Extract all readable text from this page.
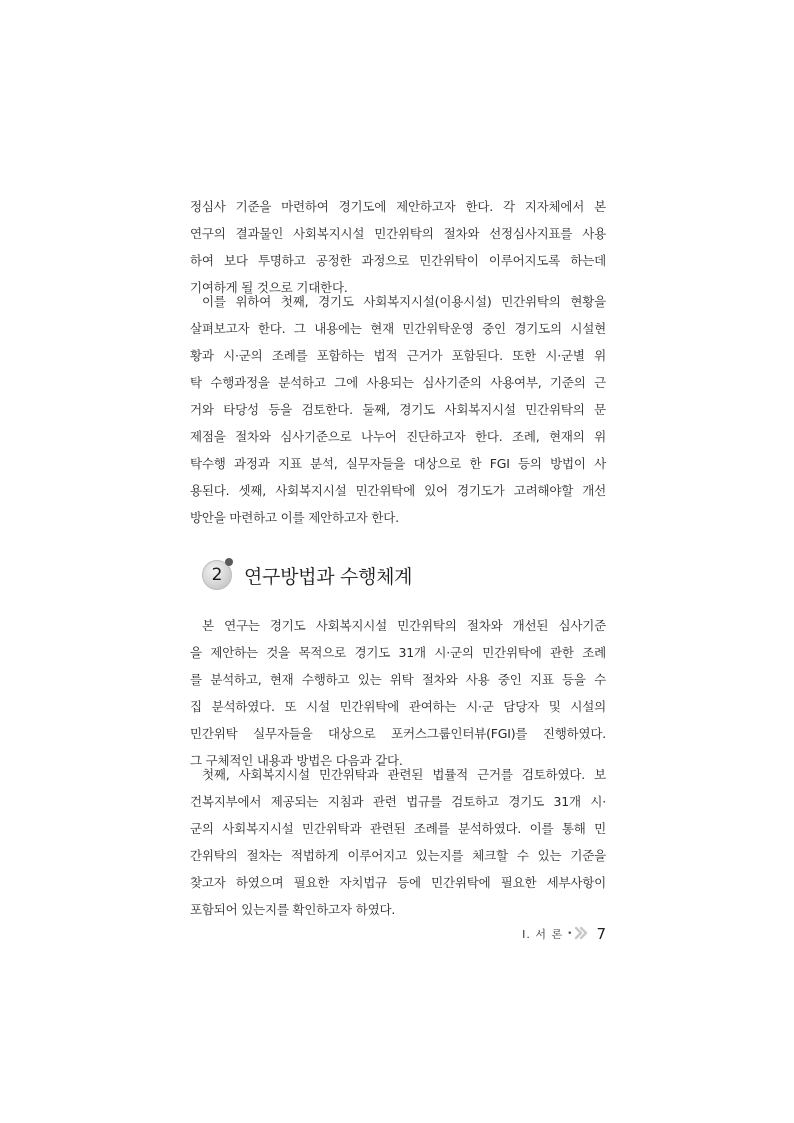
정심사 기준을 마련하여 경기도에 제안하고자 한다. 각 지자체에서 본
연구의 결과물인 사회복지시설 민간위탁의 절차와 선정심사지표를 사용
하여 보다 투명하고 공정한 과정으로 민간위탁이 이루어지도록 하는데
기여하게 될 것으로 기대한다.
이를 위하여 첫째, 경기도 사회복지시설(이용시설) 민간위탁의 현황을
살펴보고자 한다. 그 내용에는 현재 민간위탁운영 중인 경기도의 시설현
황과 시·군의 조례를 포함하는 법적 근거가 포함된다. 또한 시·군별 위
탁 수행과정을 분석하고 그에 사용되는 심사기준의 사용여부, 기준의 근
거와 타당성 등을 검토한다. 둘째, 경기도 사회복지시설 민간위탁의 문
제점을 절차와 심사기준으로 나누어 진단하고자 한다. 조례, 현재의 위
탁수행 과정과 지표 분석, 실무자들을 대상으로 한 FGI 등의 방법이 사
용된다. 셋째, 사회복지시설 민간위탁에 있어 경기도가 고려해야할 개선
방안을 마련하고 이를 제안하고자 한다.
2 연구방법과 수행체계
본 연구는 경기도 사회복지시설 민간위탁의 절차와 개선된 심사기준
을 제안하는 것을 목적으로 경기도 31개 시·군의 민간위탁에 관한 조례
를 분석하고, 현재 수행하고 있는 위탁 절차와 사용 중인 지표 등을 수
집 분석하였다. 또 시설 민간위탁에 관여하는 시·군 담당자 및 시설의
민간위탁 실무자들을 대상으로 포커스그룹인터뷰(FGI)를 진행하였다.
그 구체적인 내용과 방법은 다음과 같다.
첫째, 사회복지시설 민간위탁과 관련된 법률적 근거를 검토하였다. 보
건복지부에서 제공되는 지침과 관련 법규를 검토하고 경기도 31개 시·
군의 사회복지시설 민간위탁과 관련된 조례를 분석하였다. 이를 통해 민
간위탁의 절차는 적법하게 이루어지고 있는지를 체크할 수 있는 기준을
찾고자 하였으며 필요한 자치법규 등에 민간위탁에 필요한 세부사항이
포함되어 있는지를 확인하고자 하였다.
Ⅰ. 서 론 • 7
